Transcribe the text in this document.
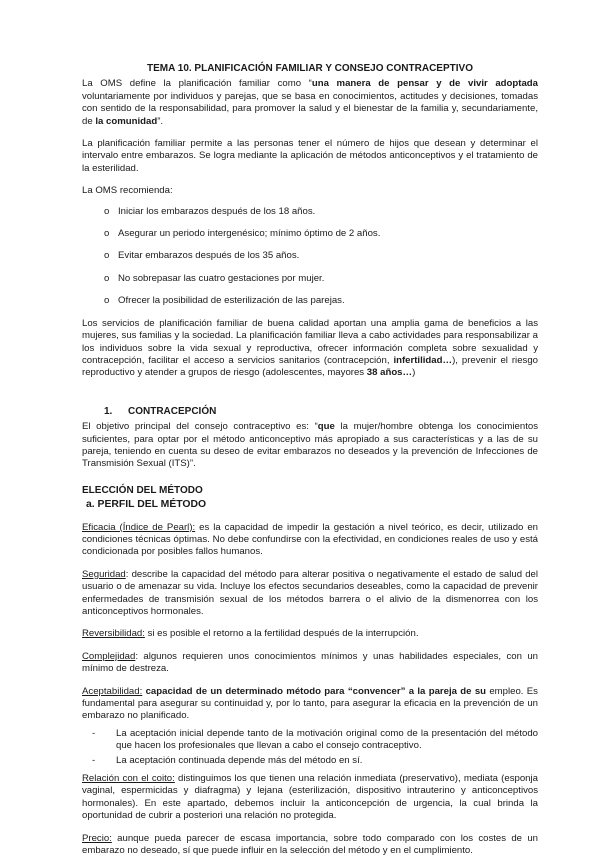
TEMA 10. PLANIFICACIÓN FAMILIAR Y CONSEJO CONTRACEPTIVO

La OMS define la planificación familiar como “una manera de pensar y de vivir adoptada voluntariamente por individuos y parejas, que se basa en conocimientos, actitudes y decisiones, tomadas con sentido de la responsabilidad, para promover la salud y el bienestar de la familia y, secundariamente, de la comunidad”.

La planificación familiar permite a las personas tener el número de hijos que desean y determinar el intervalo entre embarazos. Se logra mediante la aplicación de métodos anticonceptivos y el tratamiento de la esterilidad.

La OMS recomienda:

o Iniciar los embarazos después de los 18 años.
o Asegurar un periodo intergenésico; mínimo óptimo de 2 años.
o Evitar embarazos después de los 35 años.
o No sobrepasar las cuatro gestaciones por mujer.
o Ofrecer la posibilidad de esterilización de las parejas.

Los servicios de planificación familiar de buena calidad aportan una amplia gama de beneficios a las mujeres, sus familias y la sociedad. La planificación familiar lleva a cabo actividades para responsabilizar a los individuos sobre la vida sexual y reproductiva, ofrecer información completa sobre sexualidad y contracepción, facilitar el acceso a servicios sanitarios (contracepción, infertilidad…), prevenir el riesgo reproductivo y atender a grupos de riesgo (adolescentes, mayores 38 años…)

1. CONTRACEPCIÓN

El objetivo principal del consejo contraceptivo es: “que la mujer/hombre obtenga los conocimientos suficientes, para optar por el método anticonceptivo más apropiado a sus características y a las de su pareja, teniendo en cuenta su deseo de evitar embarazos no deseados y la prevención de Infecciones de Transmisión Sexual (ITS)”.

ELECCIÓN DEL MÉTODO
a. PERFIL DEL MÉTODO

Eficacia (Índice de Pearl): es la capacidad de impedir la gestación a nivel teórico, es decir, utilizado en condiciones técnicas óptimas. No debe confundirse con la efectividad, en condiciones reales de uso y está condicionada por posibles fallos humanos.

Seguridad: describe la capacidad del método para alterar positiva o negativamente el estado de salud del usuario o de amenazar su vida. Incluye los efectos secundarios deseables, como la capacidad de prevenir enfermedades de transmisión sexual de los métodos barrera o el alivio de la dismenorrea con los anticonceptivos hormonales.

Reversibilidad: si es posible el retorno a la fertilidad después de la interrupción.

Complejidad: algunos requieren unos conocimientos mínimos y unas habilidades especiales, con un mínimo de destreza.

Aceptabilidad: capacidad de un determinado método para “convencer” a la pareja de su empleo. Es fundamental para asegurar su continuidad y, por lo tanto, para asegurar la eficacia en la prevención de un embarazo no planificado.

- La aceptación inicial depende tanto de la motivación original como de la presentación del método que hacen los profesionales que llevan a cabo el consejo contraceptivo.
- La aceptación continuada depende más del método en sí.

Relación con el coito: distinguimos los que tienen una relación inmediata (preservativo), mediata (esponja vaginal, espermicidas y diafragma) y lejana (esterilización, dispositivo intrauterino y anticonceptivos hormonales). En este apartado, debemos incluir la anticoncepción de urgencia, la cual brinda la oportunidad de cubrir a posteriori una relación no protegida.

Precio: aunque pueda parecer de escasa importancia, sobre todo comparado con los costes de un embarazo no deseado, sí que puede influir en la selección del método y en el cumplimiento.
